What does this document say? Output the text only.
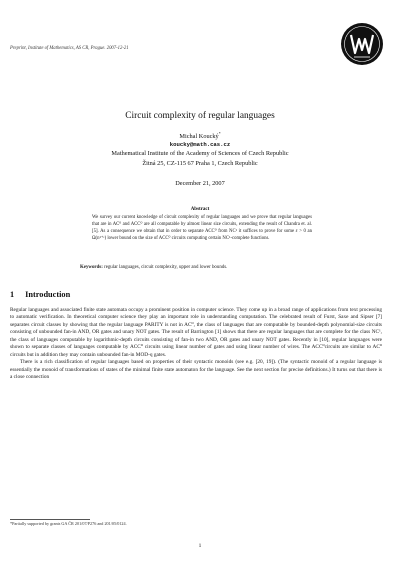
Preprint, Institute of Mathematics, AS CR, Prague. 2007-12-21
Circuit complexity of regular languages
Michal Koucký*
koucky@math.cas.cz
Mathematical Institute of the Academy of Sciences of Czech Republic
Žitná 25, CZ-115 67 Praha 1, Czech Republic
December 21, 2007
Abstract
We survey our current knowledge of circuit complexity of regular languages and we prove that regular languages that are in AC⁰ and ACC⁰ are all computable by almost linear size circuits, extending the result of Chandra et. al. [5]. As a consequence we obtain that in order to separate ACC⁰ from NC¹ it suffices to prove for some ε > 0 an Ω(n¹⁺ᵋ) lower bound on the size of ACC⁰ circuits computing certain NC¹-complete functions.
Keywords: regular languages, circuit complexity, upper and lower bounds.
1 Introduction

Regular languages and associated finite state automata occupy a prominent position in computer science. They come up in a broad range of applications from text processing to automatic verification. In theoretical computer science they play an important role in understanding computation. The celebrated result of Furst, Saxe and Sipser [7] separates circuit classes by showing that the regular language PARITY is not in AC⁰, the class of languages that are computable by bounded-depth polynomial-size circuits consisting of unbounded fan-in AND, OR gates and unary NOT gates. The result of Barrington [1] shows that there are regular languages that are complete for the class NC¹, the class of languages computable by logarithmic-depth circuits consisting of fan-in two AND, OR gates and unary NOT gates. Recently in [10], regular languages were shown to separate classes of languages computable by ACC⁰ circuits using linear number of gates and using linear number of wires. The ACC⁰circuits are similar to AC⁰ circuits but in addition they may contain unbounded fan-in MOD-q gates.

There is a rich classification of regular languages based on properties of their syntactic monoids (see e.g. [20, 19]). (The syntactic monoid of a regular language is essentially the monoid of transformations of states of the minimal finite state automaton for the language. See the next section for precise definitions.) It turns out that there is a close connection

*Partially supported by grants GA ČR 201/07/P276 and 201/05/0124.
1
